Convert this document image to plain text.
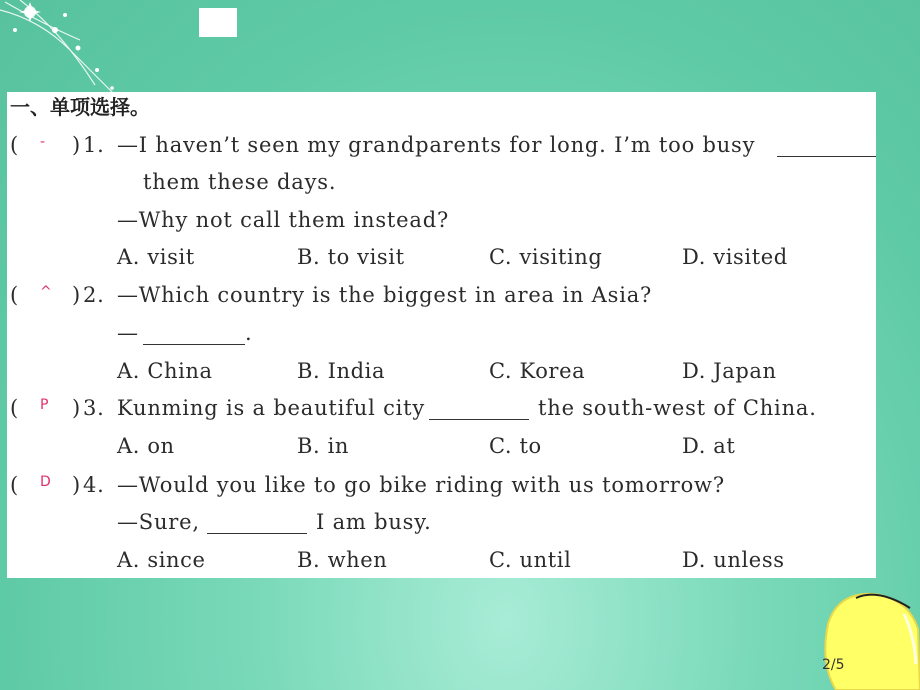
一、单项选择。
( - ) 1. —I haven’t seen my grandparents for long. I’m too busy
them these days.
—Why not call them instead?
A. visit	B. to visit	C. visiting	D. visited
( ^ ) 2. —Which country is the biggest in area in Asia?
—	.
A. China	B. India	C. Korea	D. Japan
( P ) 3. Kunming is a beautiful city	the south-west of China.
A. on	B. in	C. to	D. at
( D ) 4. —Would you like to go bike riding with us tomorrow?
—Sure,	I am busy.
A. since	B. when	C. until	D. unless
2/5
